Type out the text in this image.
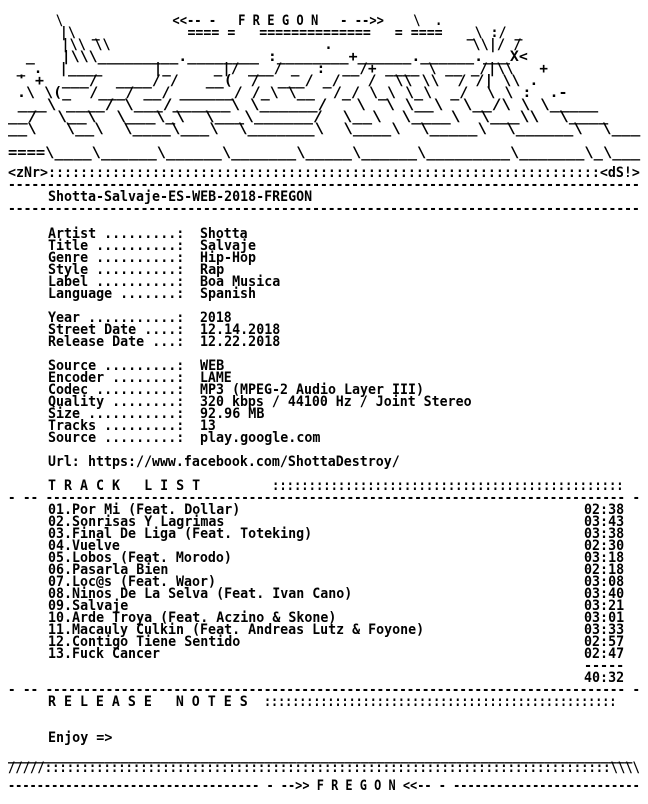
\               <<-- -   F R E G O N   - -->>    \  .
|\  _           ==== =   ==============   = ====   _\ :/ _
|\\ \\                          .                 \\|/ /
_   |\\\_________.________ :________+______.______.___X<
_ .  |____      |_     _|/ ___/ _  :  __/+ ____ \ __ _/|\\   +
' +  ___/  ____/ /   __(  /  ___/ _/   /  \\ \\  / /| \\ .
.\ \(_  /___/ __/ ______/ /_\ \__  /_/ \_\ \_\  _/  \ \ :  .-
___\ ____/ \___/______\ \______/   \  \ \__\  \__/\ \ \_____
__/  \__\  \___\_\  \___\______/  \__\  \____\  \___\\  \____
__\   \__\  \____\___\  \_______\  \____\  \_____\  \______\  \___
====\____\______\______\_______\_____\______\_________\_______\_\___
<zNr>:::::::::::::::::::::::::::::::::::::::::::::::::::::::::::::::::::::<dS!>
---------------------------------------------------------------------------------
Shotta-Salvaje-ES-WEB-2018-FREGON
---------------------------------------------------------------------------------
Artist .........: Shotta
Title ..........: Salvaje
Genre ..........: Hip-Hop
Style ..........: Rap
Label ..........: Boa Musica
Language .......: Spanish
Year ...........: 2018
Street Date ....: 12.14.2018
Release Date ...: 12.22.2018
Source .........: WEB
Encoder ........: LAME
Codec ..........: MP3 (MPEG-2 Audio Layer III)
Quality ........: 320 kbps / 44100 Hz / Joint Stereo
Size ...........: 92.96 MB
Tracks .........: 13
Source .........: play.google.com
Url: https://www.facebook.com/ShottaDestroy/
T R A C K   L I S T	::::::::::::::::::::::::::::::::::::::::::::::::
- -- ----------------------------------------------------------------------------- -
01.Por Mi (Feat. Dollar)	02:38
02.Sonrisas Y Lagrimas	03:43
03.Final De Liga (Feat. Toteking)	03:38
04.Vuelve	02:30
05.Lobos (Feat. Morodo)	03:18
06.Pasarla Bien	02:18
07.Loc@s (Feat. Waor)	03:08
08.Ninos De La Selva (Feat. Ivan Cano)	03:40
09.Salvaje	03:21
10.Arde Troya (Feat. Aczino & Skone)	03:01
11.Macauly Culkin (Feat. Andreas Lutz & Foyone)	03:33
12.Contigo Tiene Sentido	02:57
13.Fuck Cancer	02:47
-----
40:32
- -- ----------------------------------------------------------------------------- -
R E L E A S E   N O T E S ::::::::::::::::::::::::::::::::::::::::::::::::::
Enjoy =>
______________________________________________________________________________
/////:::::::::::::::::::::::::::::::::::::::::::::::::::::::::::::::::::::::::::::\\\\
----------------------------------- - -->> F R E G O N <<-- - --------------------------
